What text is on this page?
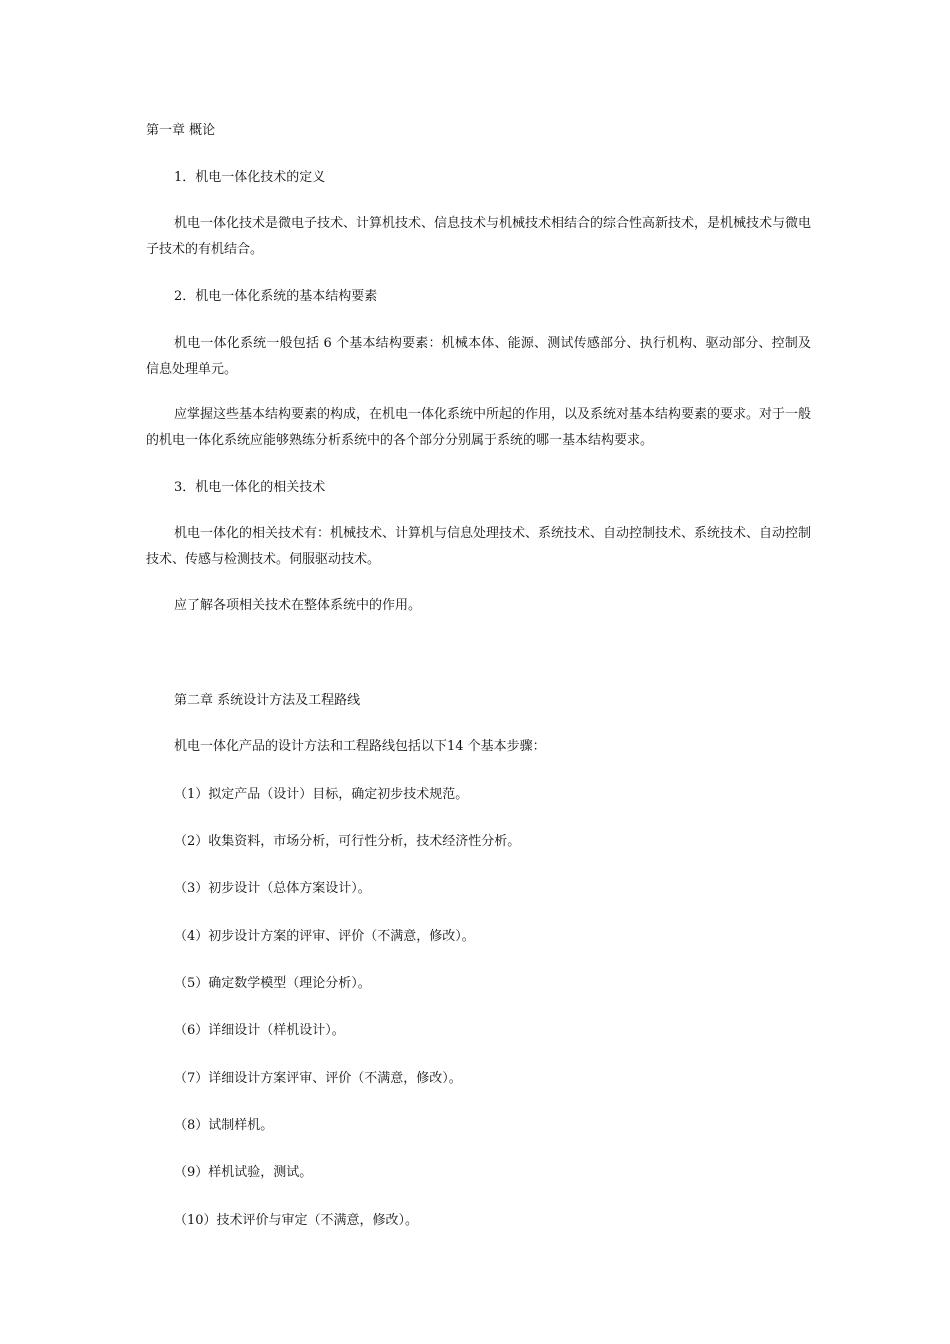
第一章 概论

1．机电一体化技术的定义

机电一体化技术是微电子技术、计算机技术、信息技术与机械技术相结合的综合性高新技术，是机械技术与微电子技术的有机结合。

2．机电一体化系统的基本结构要素

机电一体化系统一般包括 6 个基本结构要素：机械本体、能源、测试传感部分、执行机构、驱动部分、控制及信息处理单元。

应掌握这些基本结构要素的构成，在机电一体化系统中所起的作用，以及系统对基本结构要素的要求。对于一般的机电一体化系统应能够熟练分析系统中的各个部分分别属于系统的哪一基本结构要求。

3．机电一体化的相关技术

机电一体化的相关技术有：机械技术、计算机与信息处理技术、系统技术、自动控制技术、系统技术、自动控制技术、传感与检测技术。伺服驱动技术。

应了解各项相关技术在整体系统中的作用。

第二章 系统设计方法及工程路线

机电一体化产品的设计方法和工程路线包括以下14 个基本步骤：

（1）拟定产品（设计）目标，确定初步技术规范。

（2）收集资料，市场分析，可行性分析，技术经济性分析。

（3）初步设计（总体方案设计）。

（4）初步设计方案的评审、评价（不满意，修改）。

（5）确定数学模型（理论分析）。

（6）详细设计（样机设计）。

（7）详细设计方案评审、评价（不满意，修改）。

（8）试制样机。

（9）样机试验，测试。

（10）技术评价与审定（不满意，修改）。
